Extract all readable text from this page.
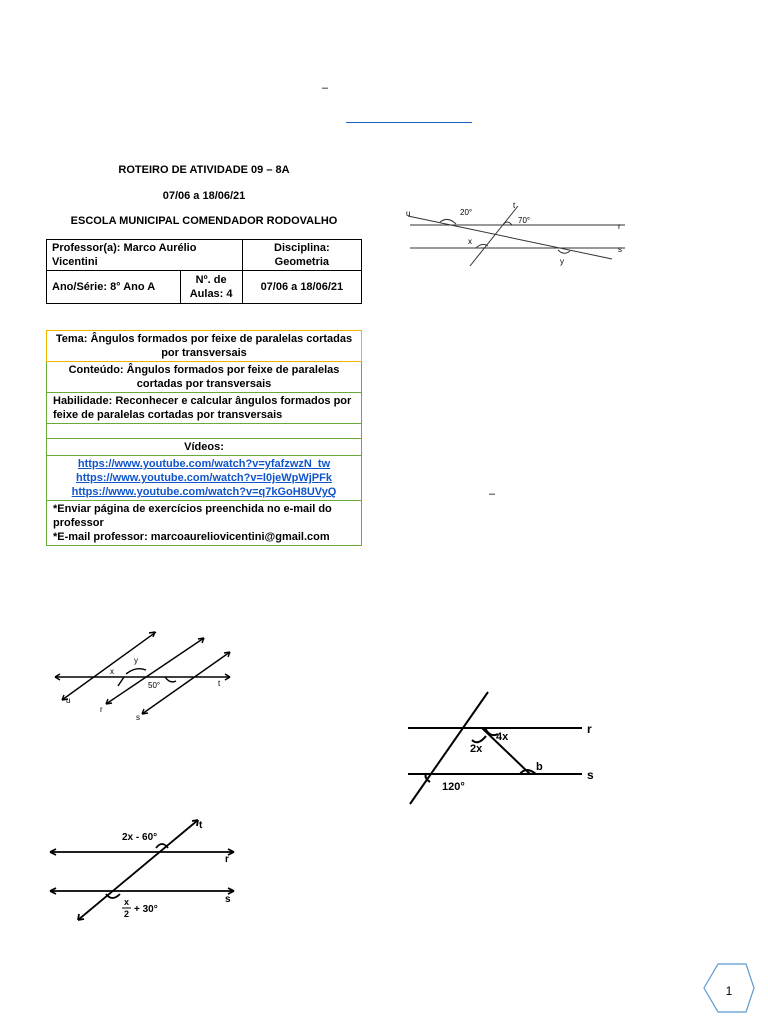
–
ROTEIRO DE ATIVIDADE 09 – 8A
07/06 a 18/06/21
ESCOLA MUNICIPAL COMENDADOR RODOVALHO
Professor(a): Marco Aurélio Vicentini		Disciplina: Geometria
Ano/Série: 8° Ano A	Nº. de Aulas: 4	07/06 a 18/06/21
Tema: Ângulos formados por feixe de paralelas cortadas por transversais
Conteúdo: Ângulos formados por feixe de paralelas cortadas por transversais
Habilidade: Reconhecer e calcular ângulos formados por feixe de paralelas cortadas por transversais

Vídeos:

https://www.youtube.com/watch?v=yfafzwzN_tw
https://www.youtube.com/watch?v=l0jeWpWjPFk
https://www.youtube.com/watch?v=q7kGoH8UVyQ

*Enviar página de exercícios preenchida no e-mail do professor
*E-mail professor: marcoaureliovicentini@gmail.com
–
u	20°
t
70°
r
x
s
y
x
y
50°	t
u
r
s
r
4x
2x
b
s
120°
2x - 60°
t
r
s
x
2 + 30°
1
